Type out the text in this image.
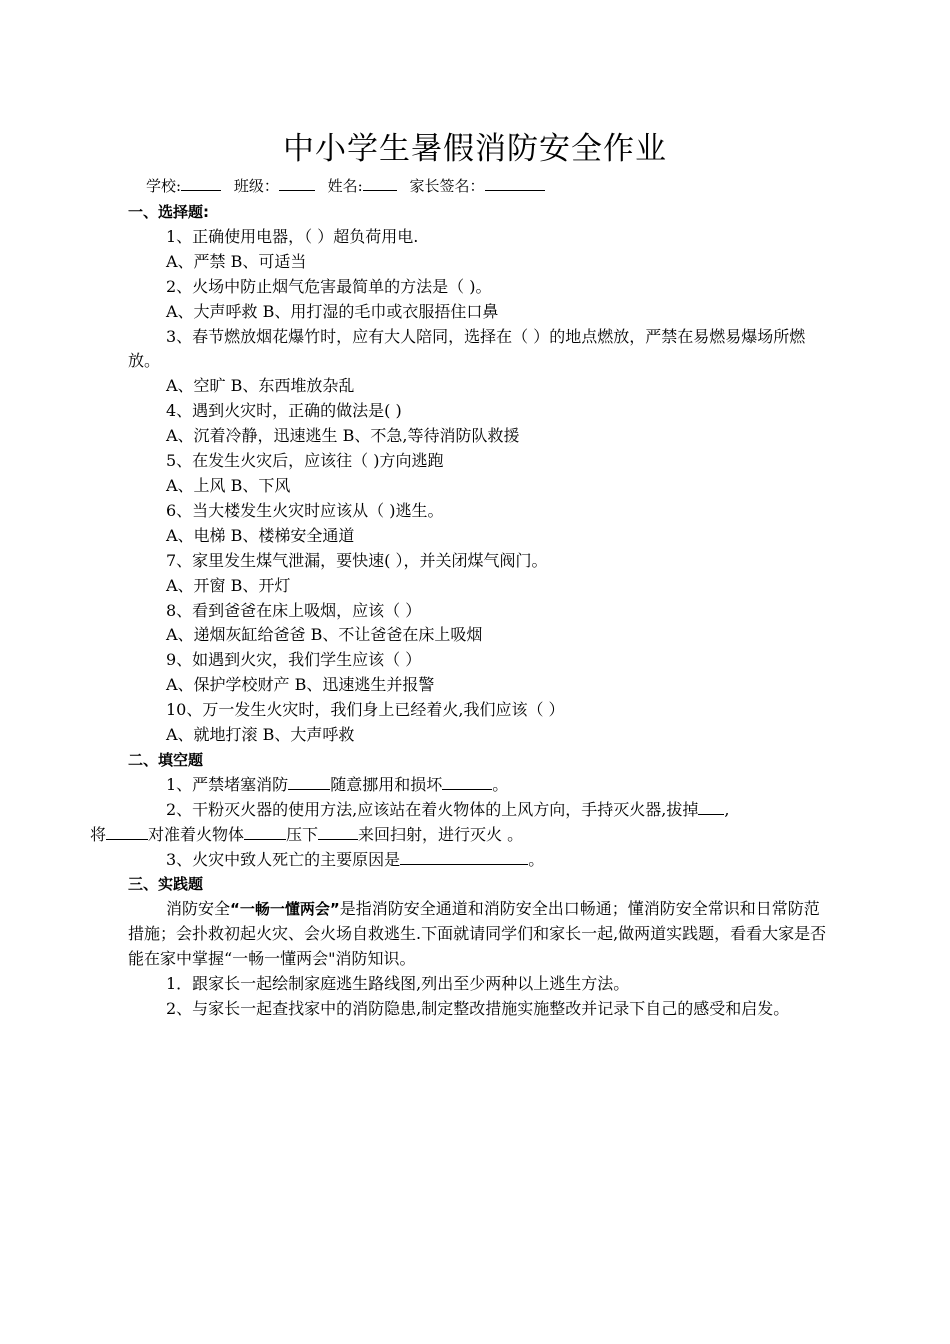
中小学生暑假消防安全作业
学校:	班级：	姓名:	家长签名：

一、选择题:

1、正确使用电器，（ ）超负荷用电.

A、严禁 B、可适当

2、火场中防止烟气危害最简单的方法是（ )。

A、大声呼救 B、用打湿的毛巾或衣服捂住口鼻

3、春节燃放烟花爆竹时，应有大人陪同，选择在（ ）的地点燃放，严禁在易燃易爆场所燃放。

A、空旷 B、东西堆放杂乱

4、遇到火灾时，正确的做法是( )

A、沉着冷静，迅速逃生 B、不急,等待消防队救援

5、在发生火灾后，应该往（ )方向逃跑

A、上风 B、下风

6、当大楼发生火灾时应该从（ )逃生。

A、电梯 B、楼梯安全通道

7、家里发生煤气泄漏，要快速( ），并关闭煤气阀门。

A、开窗 B、开灯

8、看到爸爸在床上吸烟，应该（ ）

A、递烟灰缸给爸爸 B、不让爸爸在床上吸烟

9、如遇到火灾，我们学生应该（ ）

A、保护学校财产 B、迅速逃生并报警

10、万一发生火灾时，我们身上已经着火,我们应该（ ）

A、就地打滚 B、大声呼救

二、填空题

1、严禁堵塞消防	随意挪用和损坏	。

2、干粉灭火器的使用方法,应该站在着火物体的上风方向，手持灭火器,拔掉 ,
将	对准着火物体	压下	来回扫射，进行灭火 。

3、火灾中致人死亡的主要原因是	。

三、实践题

消防安全“一畅一懂两会”是指消防安全通道和消防安全出口畅通；懂消防安全常识和日常防范措施；会扑救初起火灾、会火场自救逃生.下面就请同学们和家长一起,做两道实践题，看看大家是否能在家中掌握“一畅一懂两会"消防知识。

1．跟家长一起绘制家庭逃生路线图,列出至少两种以上逃生方法。

2、与家长一起查找家中的消防隐患,制定整改措施实施整改并记录下自己的感受和启发。
